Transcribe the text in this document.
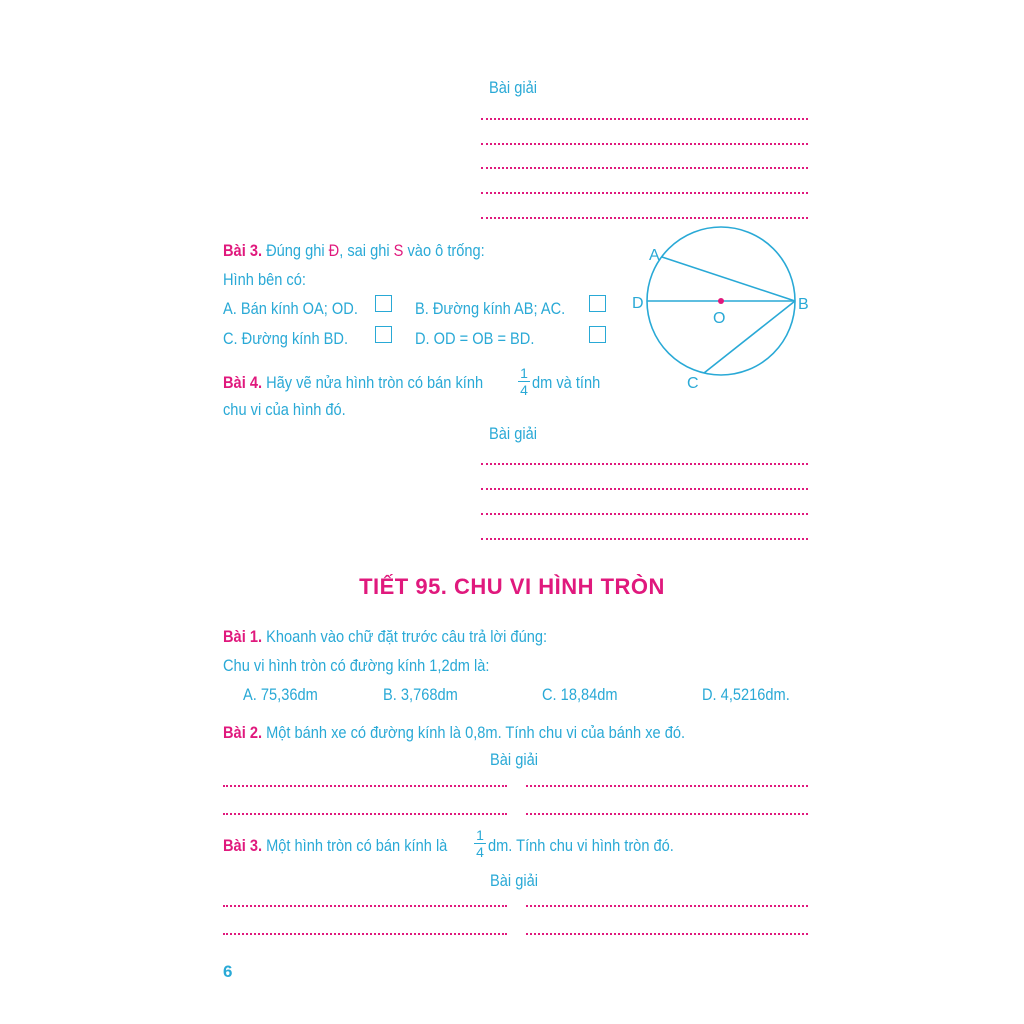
Bài giải
Bài 3. Đúng ghi Đ, sai ghi S vào ô trống:
Hình bên có:
A. Bán kính OA; OD.	B. Đường kính AB; AC.
C. Đường kính BD.	D. OD = OB = BD.
A
B
C
D
O
Bài 4. Hãy vẽ nửa hình tròn có bán kính	1
4 dm và tính
chu vi của hình đó.
Bài giải
TIẾT 95. CHU VI HÌNH TRÒN
Bài 1. Khoanh vào chữ đặt trước câu trả lời đúng:
Chu vi hình tròn có đường kính 1,2dm là:
A. 75,36dm	B. 3,768dm	C. 18,84dm	D. 4,5216dm.
Bài 2. Một bánh xe có đường kính là 0,8m. Tính chu vi của bánh xe đó.
Bài giải
Bài 3. Một hình tròn có bán kính là
1
4 dm. Tính chu vi hình tròn đó.
Bài giải
6
